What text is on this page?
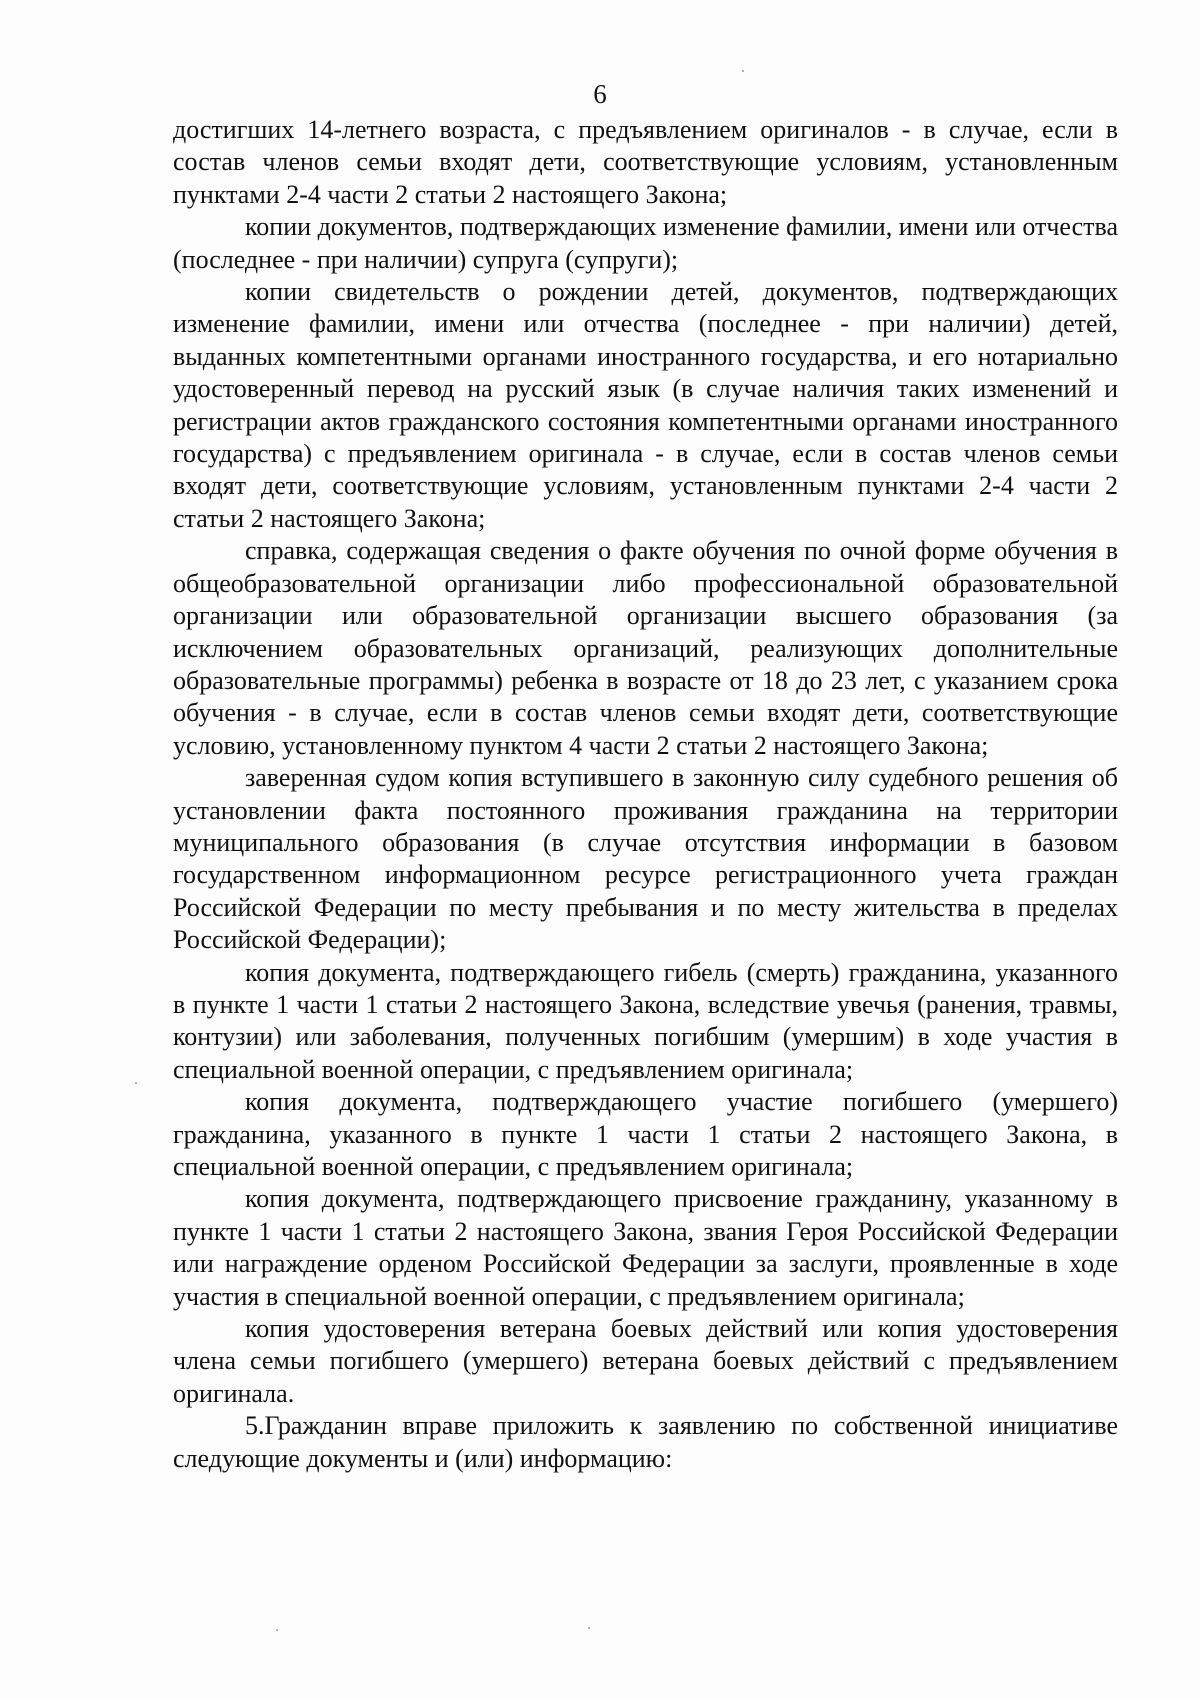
6

достигших 14-летнего возраста, с предъявлением оригиналов - в случае, если в состав членов семьи входят дети, соответствующие условиям, установленным пунктами 2-4 части 2 статьи 2 настоящего Закона;

копии документов, подтверждающих изменение фамилии, имени или отчества (последнее - при наличии) супруга (супруги);

копии свидетельств о рождении детей, документов, подтверждающих изменение фамилии, имени или отчества (последнее - при наличии) детей, выданных компетентными органами иностранного государства, и его нотариально удостоверенный перевод на русский язык (в случае наличия таких изменений и регистрации актов гражданского состояния компетентными органами иностранного государства) с предъявлением оригинала - в случае, если в состав членов семьи входят дети, соответствующие условиям, установленным пунктами 2-4 части 2 статьи 2 настоящего Закона;

справка, содержащая сведения о факте обучения по очной форме обучения в общеобразовательной организации либо профессиональной образовательной организации или образовательной организации высшего образования (за исключением образовательных организаций, реализующих дополнительные образовательные программы) ребенка в возрасте от 18 до 23 лет, с указанием срока обучения - в случае, если в состав членов семьи входят дети, соответствующие условию, установленному пунктом 4 части 2 статьи 2 настоящего Закона;

заверенная судом копия вступившего в законную силу судебного решения об установлении факта постоянного проживания гражданина на территории муниципального образования (в случае отсутствия информации в базовом государственном информационном ресурсе регистрационного учета граждан Российской Федерации по месту пребывания и по месту жительства в пределах Российской Федерации);

копия документа, подтверждающего гибель (смерть) гражданина, указанного в пункте 1 части 1 статьи 2 настоящего Закона, вследствие увечья (ранения, травмы, контузии) или заболевания, полученных погибшим (умершим) в ходе участия в специальной военной операции, с предъявлением оригинала;

копия документа, подтверждающего участие погибшего (умершего) гражданина, указанного в пункте 1 части 1 статьи 2 настоящего Закона, в специальной военной операции, с предъявлением оригинала;

копия документа, подтверждающего присвоение гражданину, указанному в пункте 1 части 1 статьи 2 настоящего Закона, звания Героя Российской Федерации или награждение орденом Российской Федерации за заслуги, проявленные в ходе участия в специальной военной операции, с предъявлением оригинала;

копия удостоверения ветерана боевых действий или копия удостоверения члена семьи погибшего (умершего) ветерана боевых действий с предъявлением оригинала.

5.Гражданин вправе приложить к заявлению по собственной инициативе следующие документы и (или) информацию:
